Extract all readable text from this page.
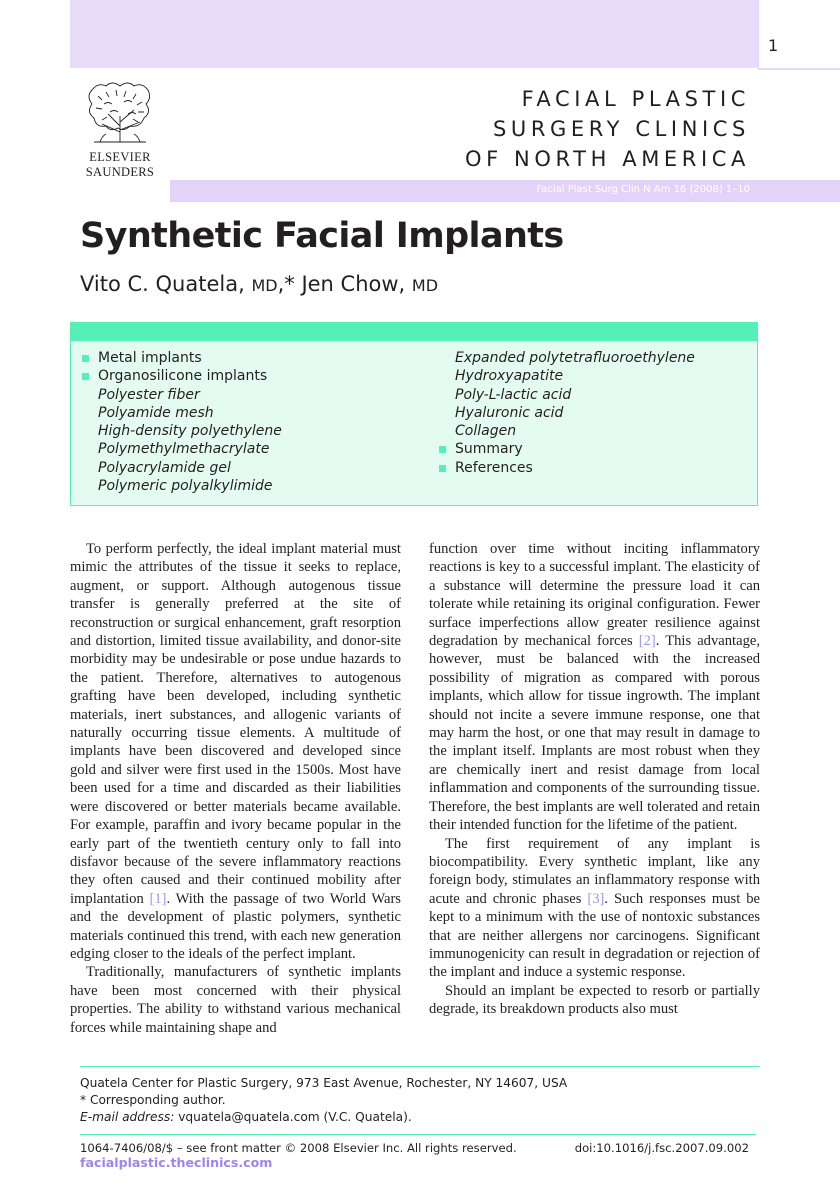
1
ELSEVIER
SAUNDERS
FACIAL PLASTIC
SURGERY CLINICS
OF NORTH AMERICA
Facial Plast Surg Clin N Am 16 (2008) 1–10
Synthetic Facial Implants
Vito C. Quatela, MD,* Jen Chow, MD
Metal implants
Organosilicone implants
Polyester fiber
Polyamide mesh
High-density polyethylene
Polymethylmethacrylate
Polyacrylamide gel
Polymeric polyalkylimide
Expanded polytetrafluoroethylene
Hydroxyapatite
Poly-L-lactic acid
Hyaluronic acid
Collagen
Summary
References

To perform perfectly, the ideal implant material must mimic the attributes of the tissue it seeks to replace, augment, or support. Although autogenous tissue transfer is generally preferred at the site of reconstruction or surgical enhancement, graft resorption and distortion, limited tissue availability, and donor-site morbidity may be undesirable or pose undue hazards to the patient. Therefore, alternatives to autogenous grafting have been developed, including synthetic materials, inert substances, and allogenic variants of naturally occurring tissue elements. A multitude of implants have been discovered and developed since gold and silver were first used in the 1500s. Most have been used for a time and discarded as their liabilities were discovered or better materials became available. For example, paraffin and ivory became popular in the early part of the twentieth century only to fall into disfavor because of the severe inflammatory reactions they often caused and their continued mobility after implantation [1]. With the passage of two World Wars and the development of plastic polymers, synthetic materials continued this trend, with each new generation edging closer to the ideals of the perfect implant.

Traditionally, manufacturers of synthetic implants have been most concerned with their physical properties. The ability to withstand various mechanical forces while maintaining shape and

function over time without inciting inflammatory reactions is key to a successful implant. The elasticity of a substance will determine the pressure load it can tolerate while retaining its original configuration. Fewer surface imperfections allow greater resilience against degradation by mechanical forces [2]. This advantage, however, must be balanced with the increased possibility of migration as compared with porous implants, which allow for tissue ingrowth. The implant should not incite a severe immune response, one that may harm the host, or one that may result in damage to the implant itself. Implants are most robust when they are chemically inert and resist damage from local inflammation and components of the surrounding tissue. Therefore, the best implants are well tolerated and retain their intended function for the lifetime of the patient.

The first requirement of any implant is biocompatibility. Every synthetic implant, like any foreign body, stimulates an inflammatory response with acute and chronic phases [3]. Such responses must be kept to a minimum with the use of nontoxic substances that are neither allergens nor carcinogens. Significant immunogenicity can result in degradation or rejection of the implant and induce a systemic response.

Should an implant be expected to resorb or partially degrade, its breakdown products also must

Quatela Center for Plastic Surgery, 973 East Avenue, Rochester, NY 14607, USA
* Corresponding author.
E-mail address: vquatela@quatela.com (V.C. Quatela).
1064-7406/08/$ – see front matter © 2008 Elsevier Inc. All rights reserved.	doi:10.1016/j.fsc.2007.09.002
facialplastic.theclinics.com
